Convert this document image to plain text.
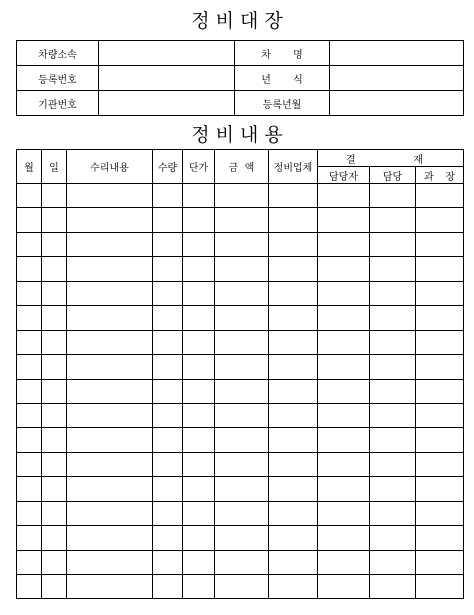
정 비 대 장
차량소속		차       명	
등록번호		년       식	
기관번호		등록년월	
정 비 내 용
월	일	수리내용	수량	단가	금  액	정비업체	결 재		

							담당자	담당	과 장
